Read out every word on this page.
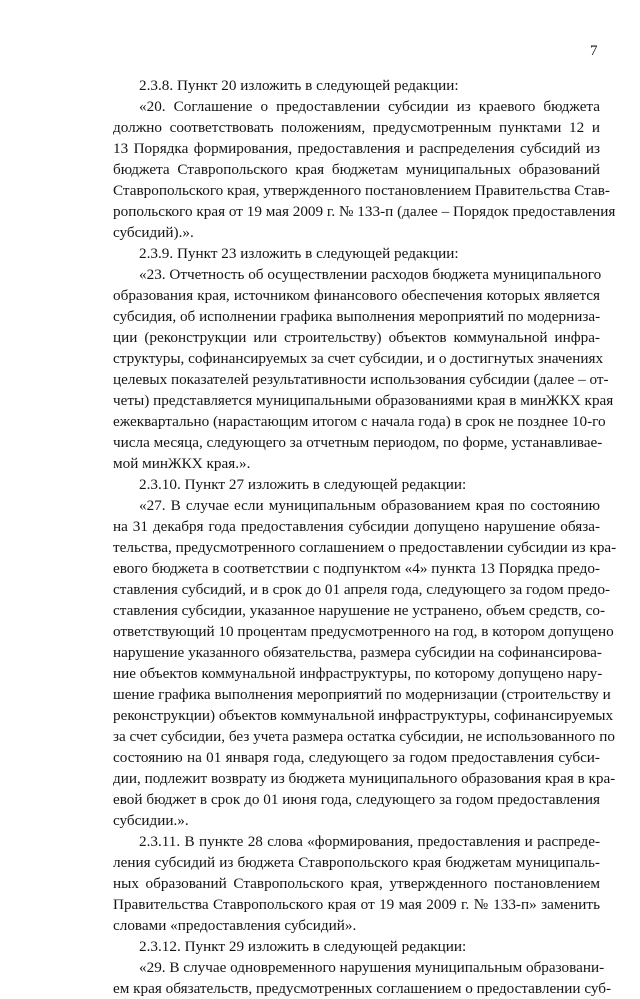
7
2.3.8. Пункт 20 изложить в следующей редакции:
«20. Соглашение о предоставлении субсидии из краевого бюджета
должно соответствовать положениям, предусмотренным пунктами 12 и
13 Порядка формирования, предоставления и распределения субсидий из
бюджета Ставропольского края бюджетам муниципальных образований
Ставропольского края, утвержденного постановлением Правительства Став-
ропольского края от 19 мая 2009 г. № 133-п (далее – Порядок предоставления
субсидий).».
2.3.9. Пункт 23 изложить в следующей редакции:
«23. Отчетность об осуществлении расходов бюджета муниципального
образования края, источником финансового обеспечения которых является
субсидия, об исполнении графика выполнения мероприятий по модерниза-
ции (реконструкции или строительству) объектов коммунальной инфра-
структуры, софинансируемых за счет субсидии, и о достигнутых значениях
целевых показателей результативности использования субсидии (далее – от-
четы) представляется муниципальными образованиями края в минЖКХ края
ежеквартально (нарастающим итогом с начала года) в срок не позднее 10-го
числа месяца, следующего за отчетным периодом, по форме, устанавливае-
мой минЖКХ края.».
2.3.10. Пункт 27 изложить в следующей редакции:
«27. В случае если муниципальным образованием края по состоянию
на 31 декабря года предоставления субсидии допущено нарушение обяза-
тельства, предусмотренного соглашением о предоставлении субсидии из кра-
евого бюджета в соответствии с подпунктом «4» пункта 13 Порядка предо-
ставления субсидий, и в срок до 01 апреля года, следующего за годом предо-
ставления субсидии, указанное нарушение не устранено, объем средств, со-
ответствующий 10 процентам предусмотренного на год, в котором допущено
нарушение указанного обязательства, размера субсидии на софинансирова-
ние объектов коммунальной инфраструктуры, по которому допущено нару-
шение графика выполнения мероприятий по модернизации (строительству и
реконструкции) объектов коммунальной инфраструктуры, софинансируемых
за счет субсидии, без учета размера остатка субсидии, не использованного по
состоянию на 01 января года, следующего за годом предоставления субси-
дии, подлежит возврату из бюджета муниципального образования края в кра-
евой бюджет в срок до 01 июня года, следующего за годом предоставления
субсидии.».
2.3.11. В пункте 28 слова «формирования, предоставления и распреде-
ления субсидий из бюджета Ставропольского края бюджетам муниципаль-
ных образований Ставропольского края, утвержденного постановлением
Правительства Ставропольского края от 19 мая 2009 г. № 133-п» заменить
словами «предоставления субсидий».
2.3.12. Пункт 29 изложить в следующей редакции:
«29. В случае одновременного нарушения муниципальным образовани-
ем края обязательств, предусмотренных соглашением о предоставлении суб-
